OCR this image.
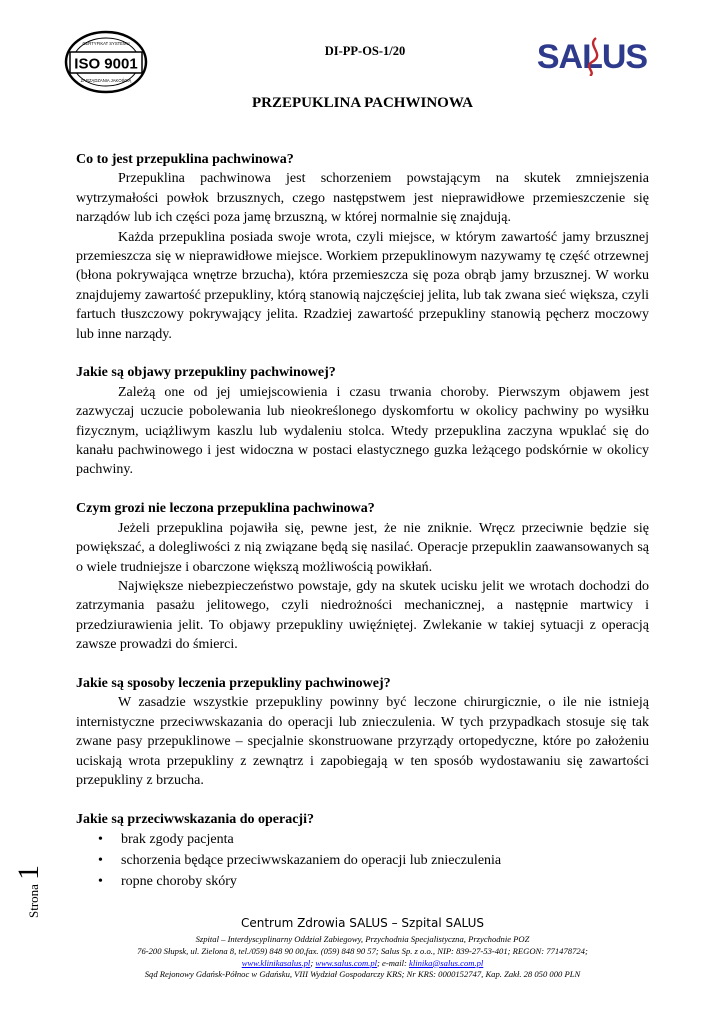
ISO 9001
CERTYFIKAT SYSTEMU
ZARZĄDZANIA JAKOŚCIĄ
DI-PP-OS-1/20	SALUS
PRZEPUKLINA PACHWINOWA
Co to jest przepuklina pachwinowa?

Przepuklina pachwinowa jest schorzeniem powstającym na skutek zmniejszenia wytrzymałości powłok brzusznych, czego następstwem jest nieprawidłowe przemieszczenie się narządów lub ich części poza jamę brzuszną, w której normalnie się znajdują.

Każda przepuklina posiada swoje wrota, czyli miejsce, w którym zawartość jamy brzusznej przemieszcza się w nieprawidłowe miejsce. Workiem przepuklinowym nazywamy tę część otrzewnej (błona pokrywająca wnętrze brzucha), która przemieszcza się poza obrąb jamy brzusznej. W worku znajdujemy zawartość przepukliny, którą stanowią najczęściej jelita, lub tak zwana sieć większa, czyli fartuch tłuszczowy pokrywający jelita. Rzadziej zawartość przepukliny stanowią pęcherz moczowy lub inne narządy.

Jakie są objawy przepukliny pachwinowej?

Zależą one od jej umiejscowienia i czasu trwania choroby. Pierwszym objawem jest zazwyczaj uczucie pobolewania lub nieokreślonego dyskomfortu w okolicy pachwiny po wysiłku fizycznym, uciążliwym kaszlu lub wydaleniu stolca. Wtedy przepuklina zaczyna wpuklać się do kanału pachwinowego i jest widoczna w postaci elastycznego guzka leżącego podskórnie w okolicy pachwiny.

Czym grozi nie leczona przepuklina pachwinowa?

Jeżeli przepuklina pojawiła się, pewne jest, że nie zniknie. Wręcz przeciwnie będzie się powiększać, a dolegliwości z nią związane będą się nasilać. Operacje przepuklin zaawansowanych są o wiele trudniejsze i obarczone większą możliwością powikłań.

Największe niebezpieczeństwo powstaje, gdy na skutek ucisku jelit we wrotach dochodzi do zatrzymania pasażu jelitowego, czyli niedrożności mechanicznej, a następnie martwicy i przedziurawienia jelit. To objawy przepukliny uwięźniętej. Zwlekanie w takiej sytuacji z operacją zawsze prowadzi do śmierci.

Jakie są sposoby leczenia przepukliny pachwinowej?

W zasadzie wszystkie przepukliny powinny być leczone chirurgicznie, o ile nie istnieją internistyczne przeciwwskazania do operacji lub znieczulenia. W tych przypadkach stosuje się tak zwane pasy przepuklinowe – specjalnie skonstruowane przyrządy ortopedyczne, które po założeniu uciskają wrota przepukliny z zewnątrz i zapobiegają w ten sposób wydostawaniu się zawartości przepukliny z brzucha.

Jakie są przeciwwskazania do operacji?
• brak zgody pacjenta
• schorzenia będące przeciwwskazaniem do operacji lub znieczulenia
• ropne choroby skóry
Strona 1
Centrum Zdrowia SALUS – Szpital SALUS
Szpital – Interdyscyplinarny Oddział Zabiegowy, Przychodnia Specjalistyczna, Przychodnie POZ
76-200 Słupsk, ul. Zielona 8, tel./059) 848 90 00,fax. (059) 848 90 57; Salus Sp. z o.o., NIP: 839-27-53-401; REGON: 771478724;
www.klinikasalus.pl; www.salus.com.pl; e-mail: klinika@salus.com.pl
Sąd Rejonowy Gdańsk-Północ w Gdańsku, VIII Wydział Gospodarczy KRS; Nr KRS: 0000152747, Kap. Zakł. 28 050 000 PLN
